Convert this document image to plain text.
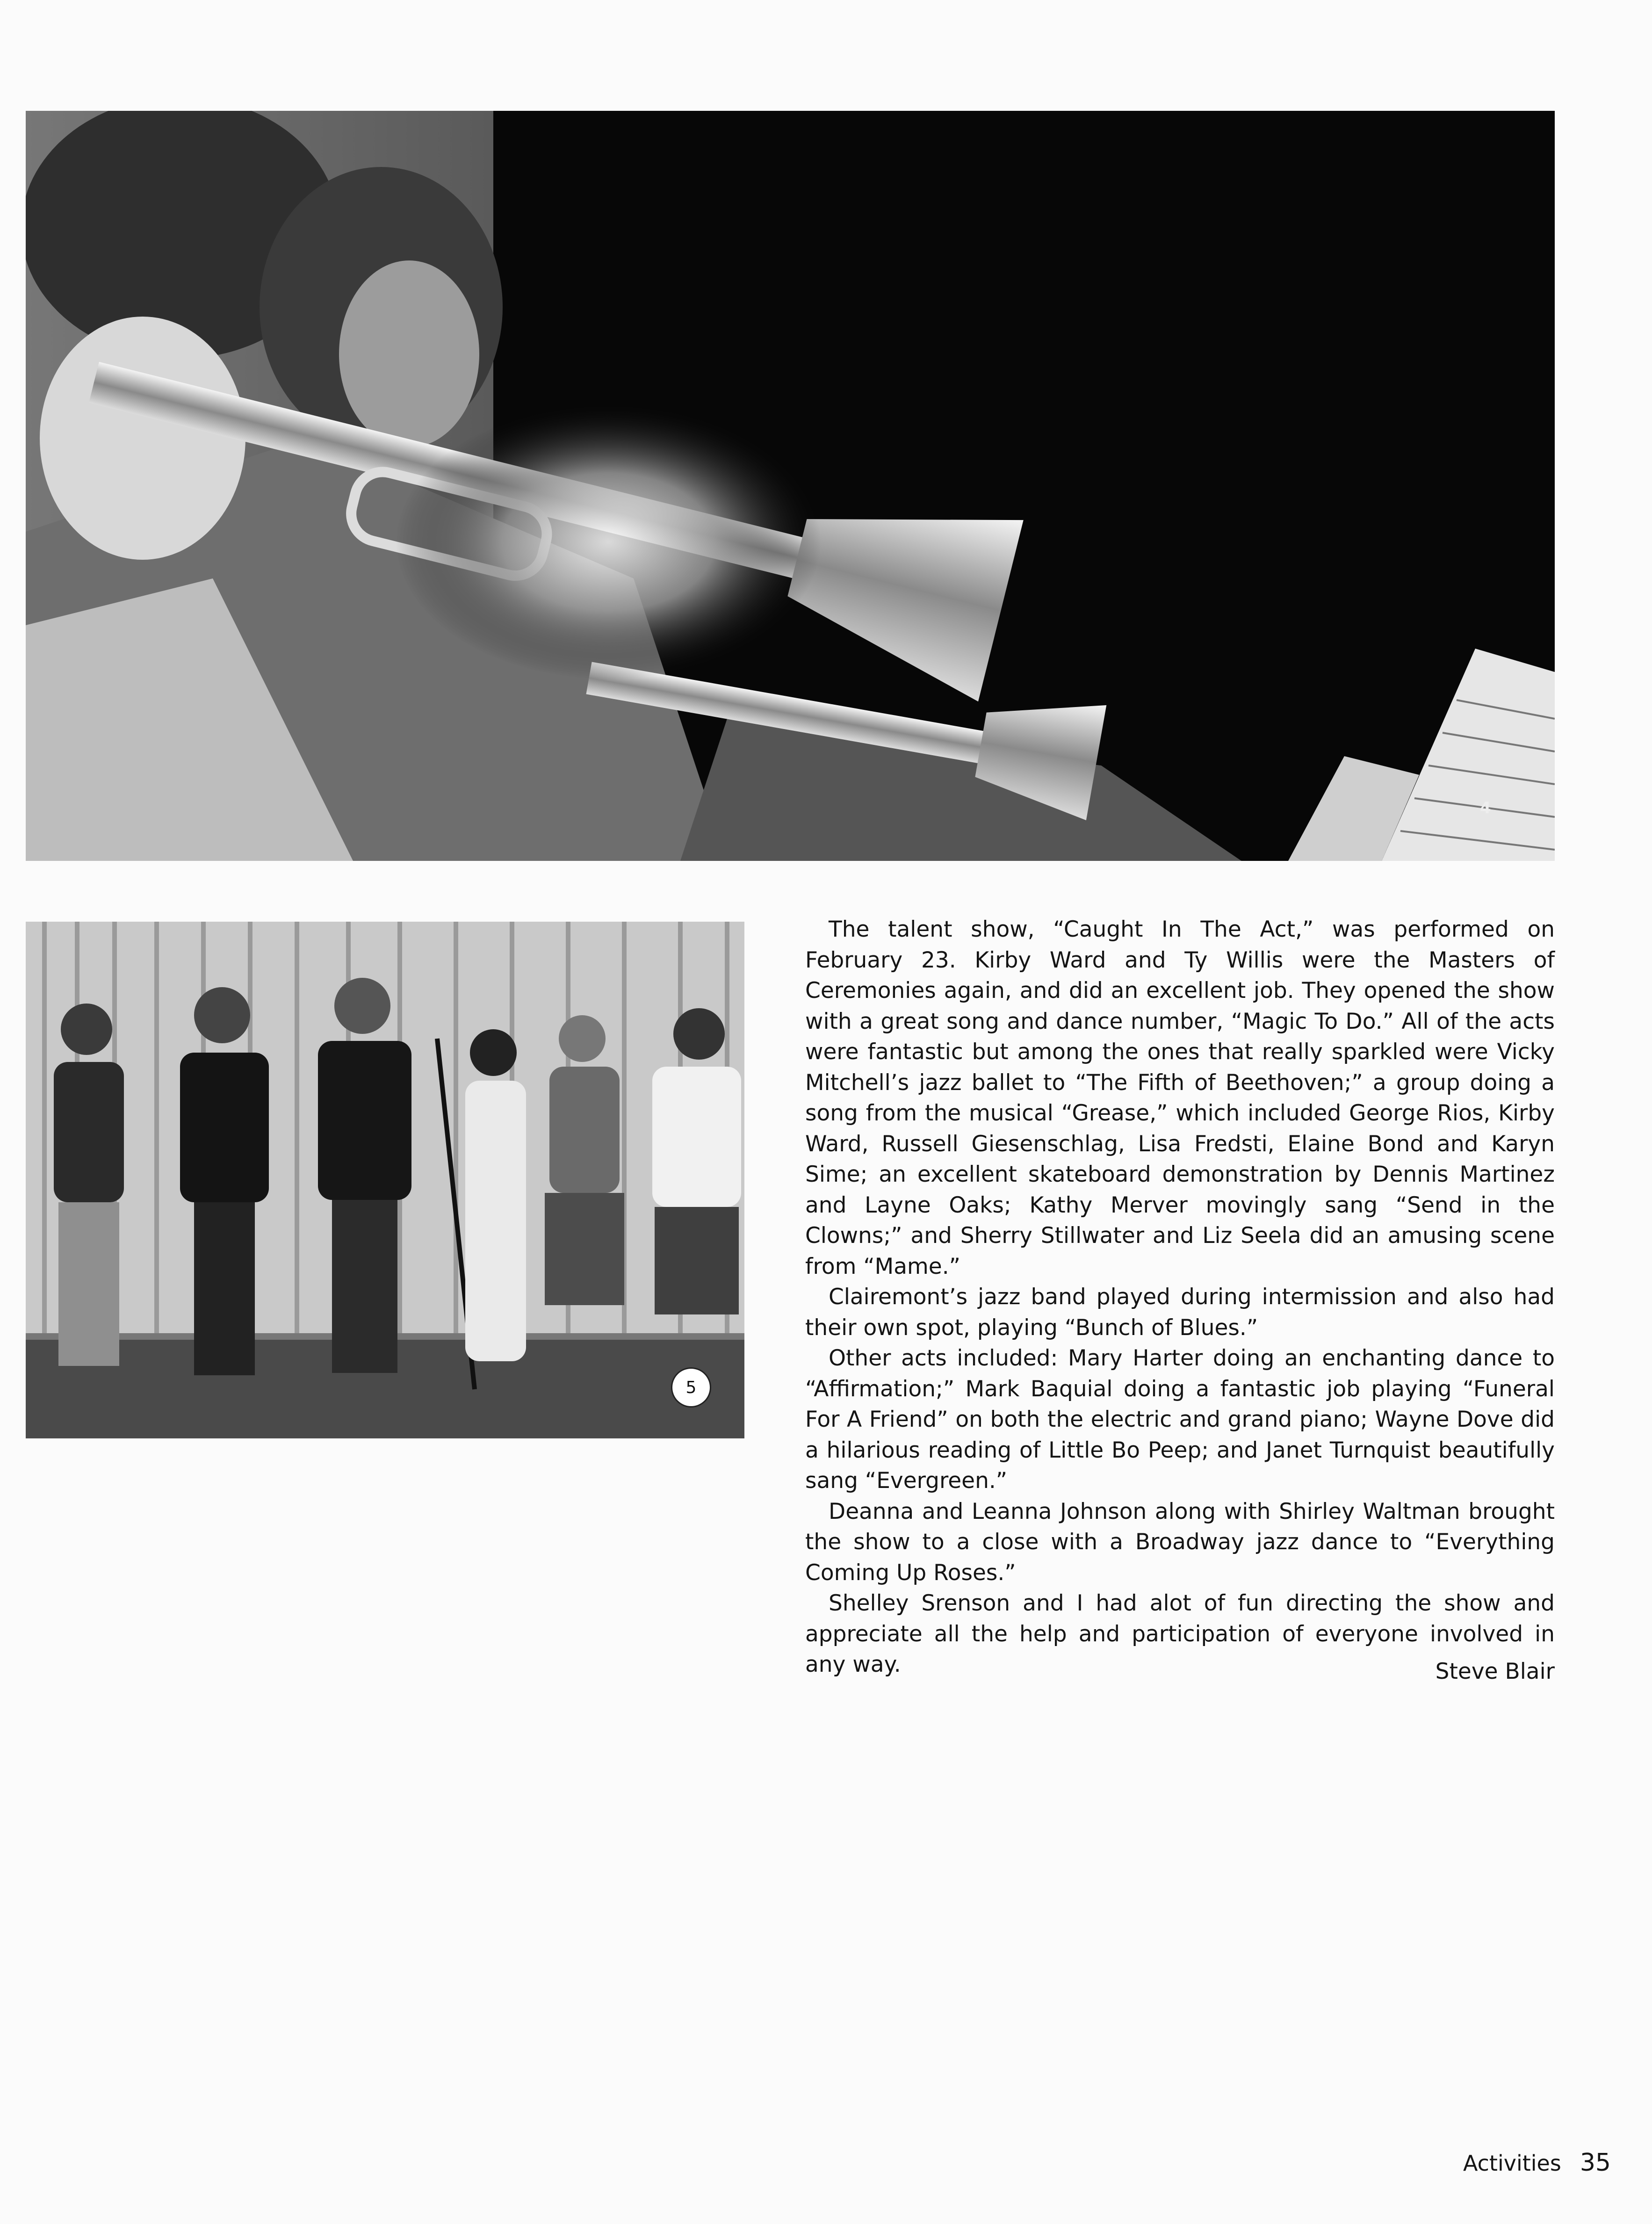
4
5

The talent show, “Caught In The Act,” was performed on February 23. Kirby Ward and Ty Willis were the Masters of Ceremonies again, and did an excellent job. They opened the show with a great song and dance number, “Magic To Do.” All of the acts were fantastic but among the ones that really sparkled were Vicky Mitchell’s jazz ballet to “The Fifth of Beethoven;” a group doing a song from the musical “Grease,” which included George Rios, Kirby Ward, Russell Giesenschlag, Lisa Fredsti, Elaine Bond and Karyn Sime; an excellent skateboard demonstration by Dennis Martinez and Layne Oaks; Kathy Merver movingly sang “Send in the Clowns;” and Sherry Stillwater and Liz Seela did an amusing scene from “Mame.”

Clairemont’s jazz band played during intermission and also had their own spot, playing “Bunch of Blues.”

Other acts included: Mary Harter doing an enchanting dance to “Affirmation;” Mark Baquial doing a fantastic job playing “Funeral For A Friend” on both the electric and grand piano; Wayne Dove did a hilarious reading of Little Bo Peep; and Janet Turnquist beautifully sang “Evergreen.”

Deanna and Leanna Johnson along with Shirley Waltman brought the show to a close with a Broadway jazz dance to “Everything Coming Up Roses.”

Shelley Srenson and I had alot of fun directing the show and appreciate all the help and participation of everyone involved in any way.	Steve Blair
Activities 35
